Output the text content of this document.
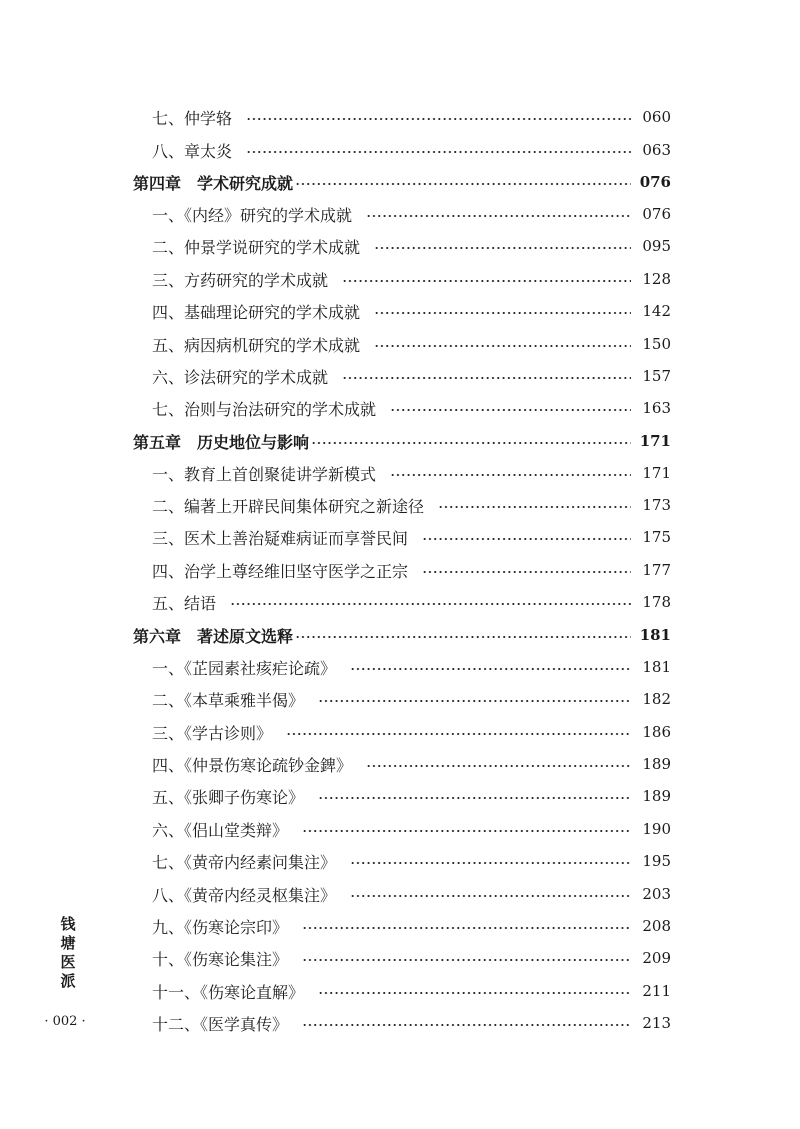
七、仲学辂	060
八、章太炎	063
第四章　学术研究成就	076
一、《内经》研究的学术成就	076
二、仲景学说研究的学术成就	095
三、方药研究的学术成就	128
四、基础理论研究的学术成就	142
五、病因病机研究的学术成就	150
六、诊法研究的学术成就	157
七、治则与治法研究的学术成就	163
第五章　历史地位与影响	171
一、教育上首创聚徒讲学新模式	171
二、编著上开辟民间集体研究之新途径	173
三、医术上善治疑难病证而享誉民间	175
四、治学上尊经维旧坚守医学之正宗	177
五、结语	178
第六章　著述原文选释	181
一、《芷园素社痎疟论疏》	181
二、《本草乘雅半偈》	182
三、《学古诊则》	186
四、《仲景伤寒论疏钞金錍》	189
五、《张卿子伤寒论》	189
六、《侣山堂类辩》	190
七、《黄帝内经素问集注》	195
八、《黄帝内经灵枢集注》	203
九、《伤寒论宗印》	208
十、《伤寒论集注》	209
十一、《伤寒论直解》	211
十二、《医学真传》	213
钱
塘
医
派
· 002 ·
